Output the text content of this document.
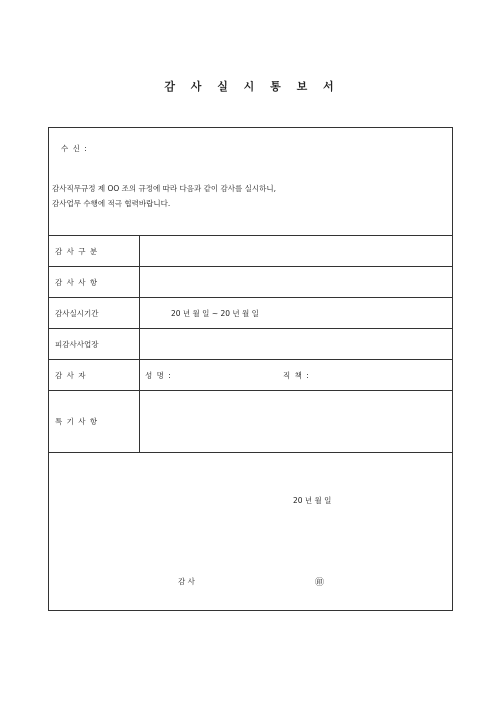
감 사 실 시 통 보 서
수 신 :
감사직무규정 제 OO 조의 규정에 따라 다음과 같이 감사를 실시하니,
감사업무 수행에 적극 협력바랍니다.
감 사 구 분
감 사 사 항
감사실시기간	20 년 월 일 ~ 20 년 월 일
피감사사업장
감 사 자	성 명 :	직 책 :
특 기 사 항
20 년 월 일
감 사	㊞
